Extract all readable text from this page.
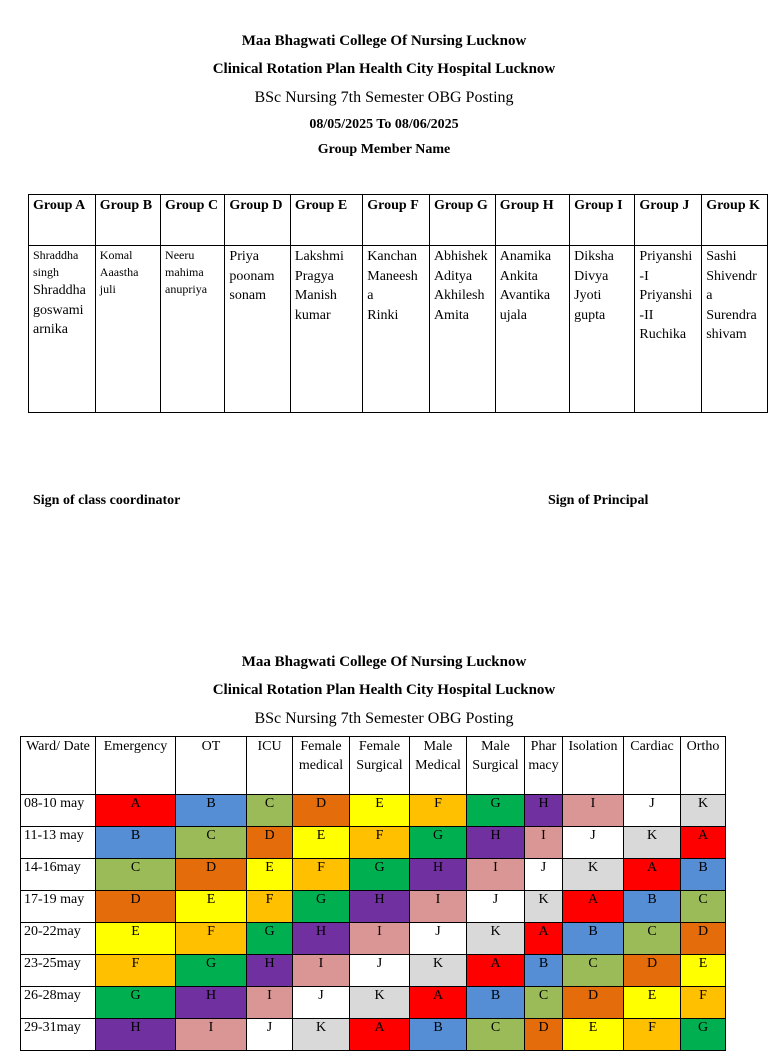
Maa Bhagwati College Of Nursing Lucknow
Clinical Rotation Plan Health City Hospital Lucknow
BSc Nursing 7th Semester OBG Posting
08/05/2025 To 08/06/2025
Group Member Name
Group A	Group B	Group C	Group D	Group E	Group F	Group G	Group H	Group I	Group J	Group K

Shraddha
singh
Shraddha
goswami
arnika	Komal
Aaastha
juli	Neeru
mahima
anupriya	Priya
poonam
sonam	Lakshmi
Pragya
Manish
kumar	Kanchan
Maneesh
a
Rinki	Abhishek
Aditya
Akhilesh
Amita	Anamika
Ankita
Avantika
ujala	Diksha
Divya
Jyoti
gupta	Priyanshi
-I
Priyanshi
-II
Ruchika	Sashi
Shivendr
a
Surendra
shivam
Sign of class coordinator	Sign of Principal
Maa Bhagwati College Of Nursing Lucknow
Clinical Rotation Plan Health City Hospital Lucknow
BSc Nursing 7th Semester OBG Posting
Ward/ Date	Emergency	OT	ICU	Female medical	Female Surgical	Male Medical	Male Surgical	Phar macy	Isolation	Cardiac	Ortho
08-10 may	A	B	C	D	E	F	G	H	I	J	K
11-13 may	B	C	D	E	F	G	H	I	J	K	A
14-16may	C	D	E	F	G	H	I	J	K	A	B
17-19 may	D	E	F	G	H	I	J	K	A	B	C
20-22may	E	F	G	H	I	J	K	A	B	C	D
23-25may	F	G	H	I	J	K	A	B	C	D	E
26-28may	G	H	I	J	K	A	B	C	D	E	F
29-31may	H	I	J	K	A	B	C	D	E	F	G
